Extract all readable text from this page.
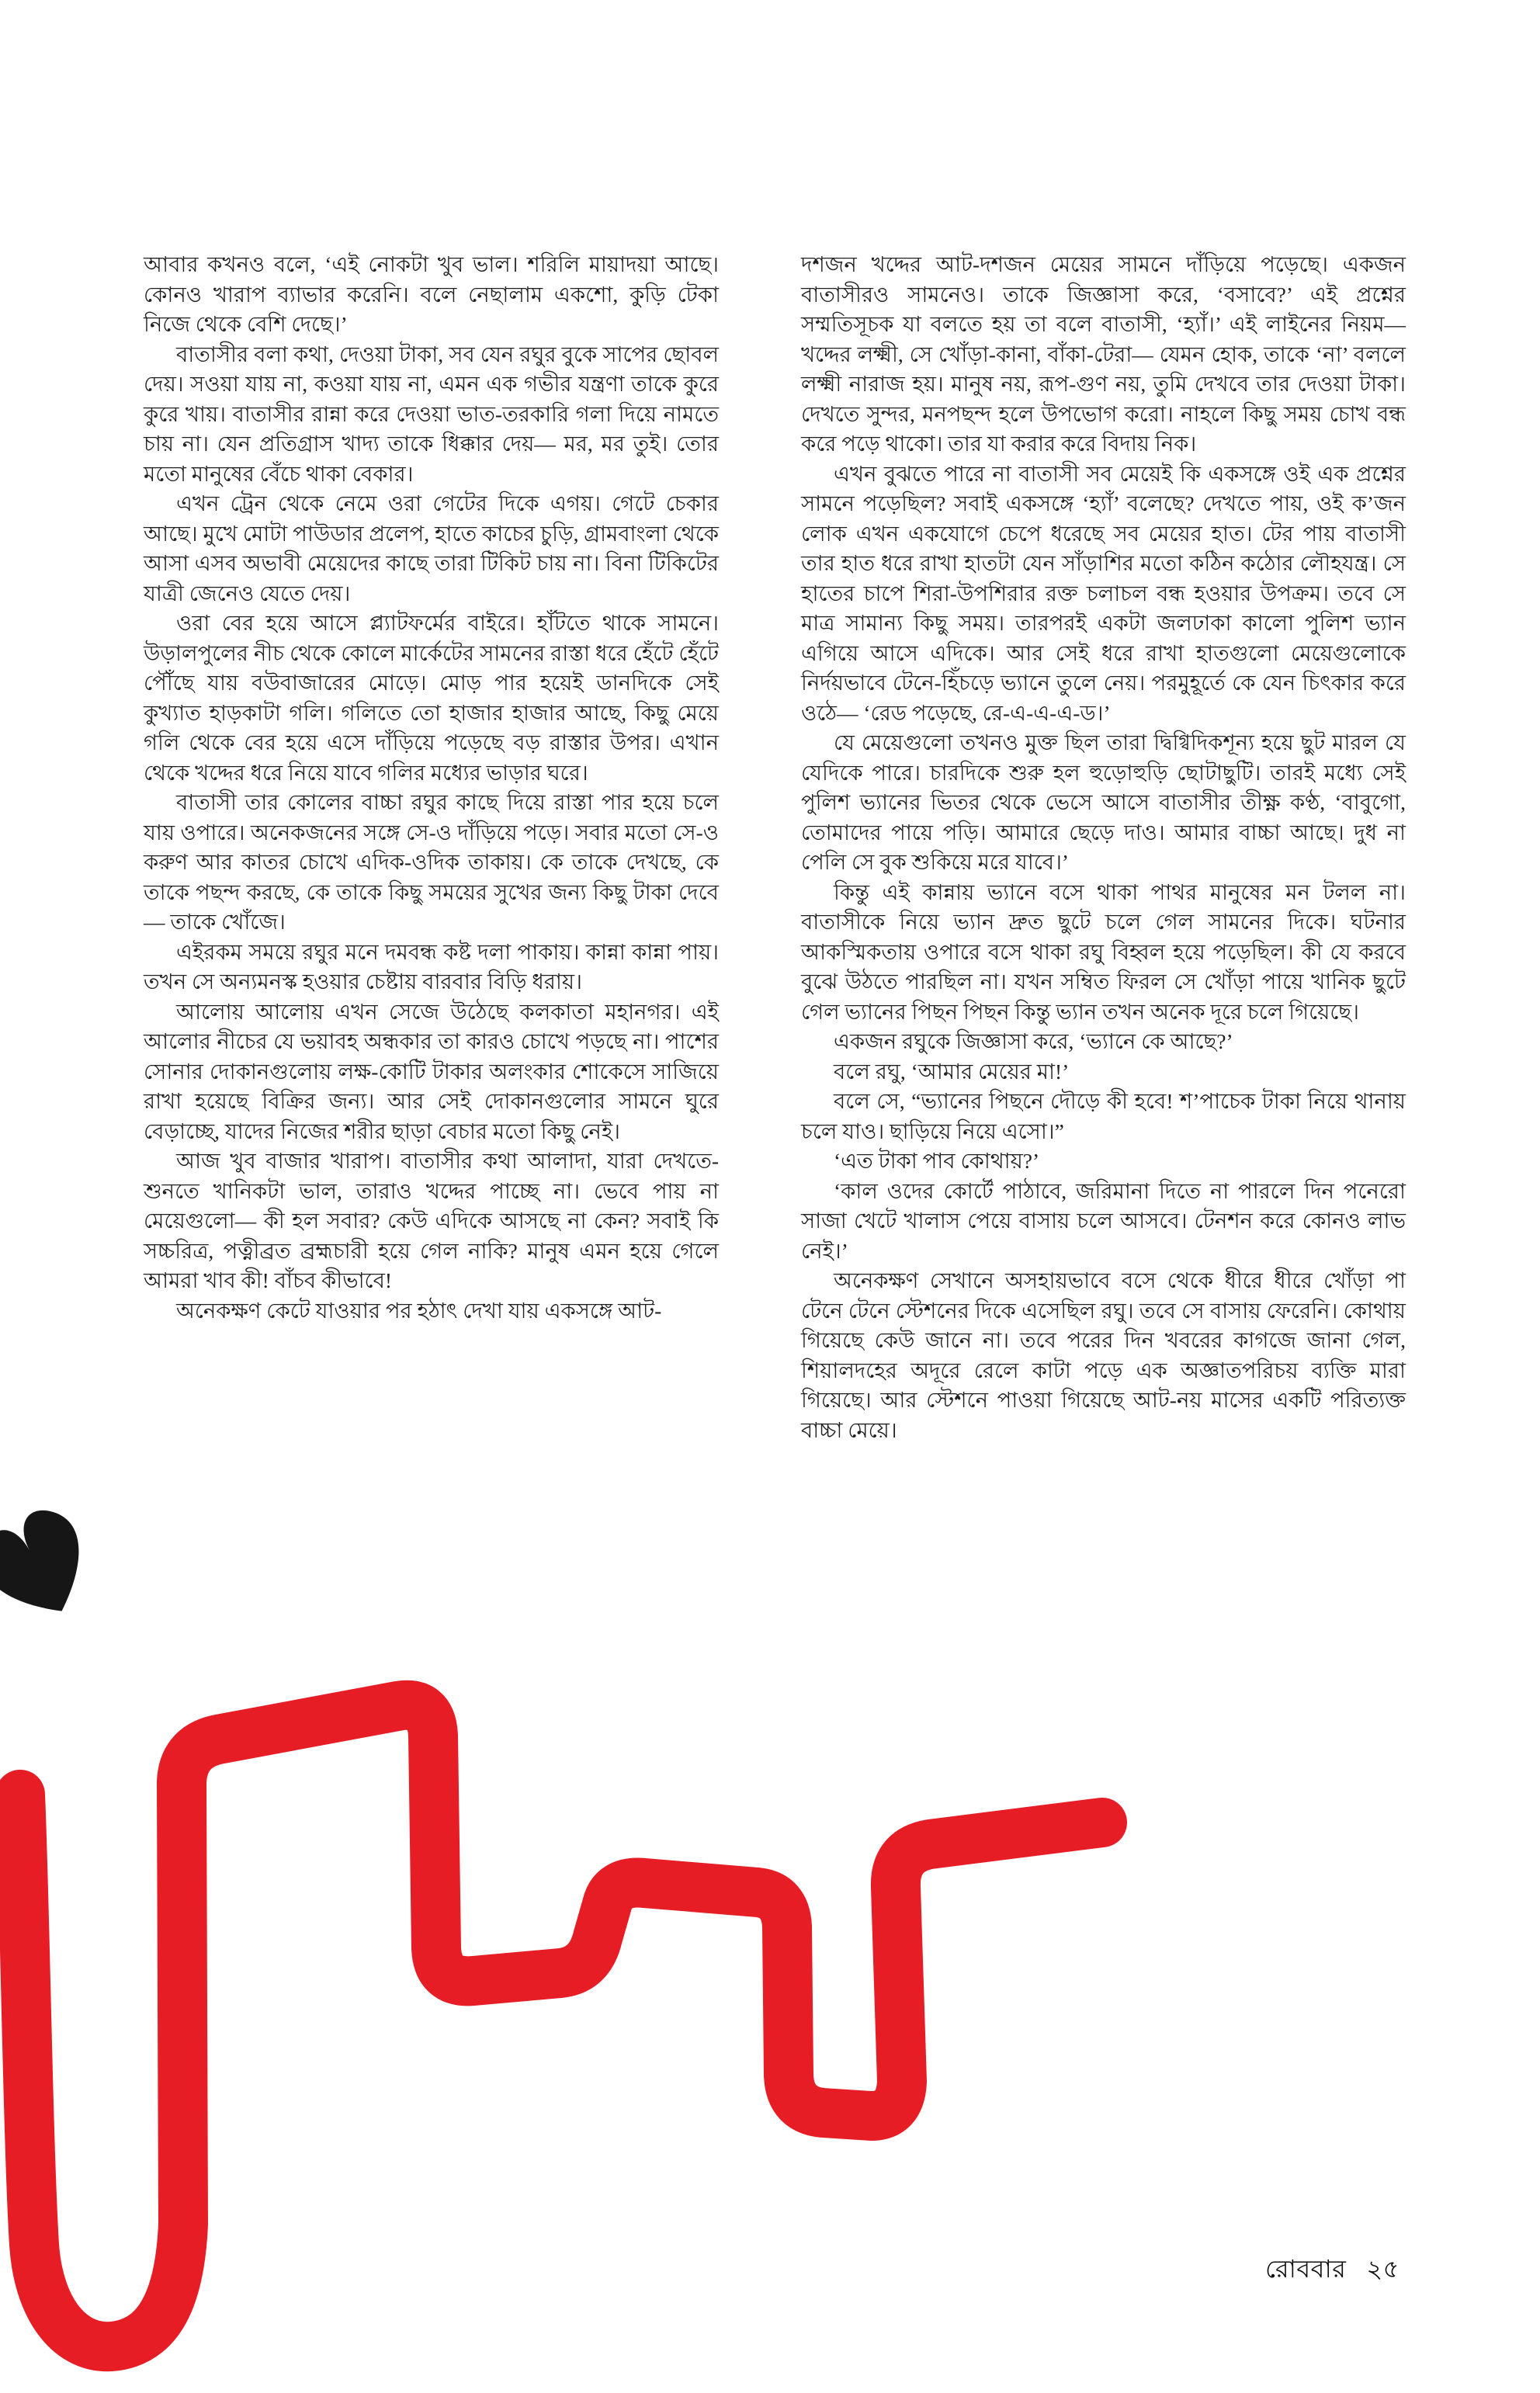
আবার কখনও বলে, ‘এই নোকটা খুব ভাল। শরিলি মায়াদয়া আছে। কোনও খারাপ ব্যাভার করেনি। বলে নেছালাম একশো, কুড়ি টেকা নিজে থেকে বেশি দেছে।’

বাতাসীর বলা কথা, দেওয়া টাকা, সব যেন রঘুর বুকে সাপের ছোবল দেয়। সওয়া যায় না, কওয়া যায় না, এমন এক গভীর যন্ত্রণা তাকে কুরে কুরে খায়। বাতাসীর রান্না করে দেওয়া ভাত-তরকারি গলা দিয়ে নামতে চায় না। যেন প্রতিগ্রাস খাদ্য তাকে ধিক্কার দেয়— মর, মর তুই। তোর মতো মানুষের বেঁচে থাকা বেকার।

এখন ট্রেন থেকে নেমে ওরা গেটের দিকে এগয়। গেটে চেকার আছে। মুখে মোটা পাউডার প্রলেপ, হাতে কাচের চুড়ি, গ্রামবাংলা থেকে আসা এসব অভাবী মেয়েদের কাছে তারা টিকিট চায় না। বিনা টিকিটের যাত্রী জেনেও যেতে দেয়।

ওরা বের হয়ে আসে প্ল্যাটফর্মের বাইরে। হাঁটতে থাকে সামনে। উড়ালপুলের নীচ থেকে কোলে মার্কেটের সামনের রাস্তা ধরে হেঁটে হেঁটে পৌঁছে যায় বউবাজারের মোড়ে। মোড় পার হয়েই ডানদিকে সেই কুখ্যাত হাড়কাটা গলি। গলিতে তো হাজার হাজার আছে, কিছু মেয়ে গলি থেকে বের হয়ে এসে দাঁড়িয়ে পড়েছে বড় রাস্তার উপর। এখান থেকে খদ্দের ধরে নিয়ে যাবে গলির মধ্যের ভাড়ার ঘরে।

বাতাসী তার কোলের বাচ্চা রঘুর কাছে দিয়ে রাস্তা পার হয়ে চলে যায় ওপারে। অনেকজনের সঙ্গে সে-ও দাঁড়িয়ে পড়ে। সবার মতো সে-ও করুণ আর কাতর চোখে এদিক-ওদিক তাকায়। কে তাকে দেখছে, কে তাকে পছন্দ করছে, কে তাকে কিছু সময়ের সুখের জন্য কিছু টাকা দেবে— তাকে খোঁজে।

এইরকম সময়ে রঘুর মনে দমবন্ধ কষ্ট দলা পাকায়। কান্না কান্না পায়। তখন সে অন্যমনস্ক হওয়ার চেষ্টায় বারবার বিড়ি ধরায়।

আলোয় আলোয় এখন সেজে উঠেছে কলকাতা মহানগর। এই আলোর নীচের যে ভয়াবহ অন্ধকার তা কারও চোখে পড়ছে না। পাশের সোনার দোকানগুলোয় লক্ষ-কোটি টাকার অলংকার শোকেসে সাজিয়ে রাখা হয়েছে বিক্রির জন্য। আর সেই দোকানগুলোর সামনে ঘুরে বেড়াচ্ছে, যাদের নিজের শরীর ছাড়া বেচার মতো কিছু নেই।

আজ খুব বাজার খারাপ। বাতাসীর কথা আলাদা, যারা দেখতে-শুনতে খানিকটা ভাল, তারাও খদ্দের পাচ্ছে না। ভেবে পায় না মেয়েগুলো— কী হল সবার? কেউ এদিকে আসছে না কেন? সবাই কি সচ্চরিত্র, পত্নীব্রত ব্রহ্মচারী হয়ে গেল নাকি? মানুষ এমন হয়ে গেলে আমরা খাব কী! বাঁচব কীভাবে!

অনেকক্ষণ কেটে যাওয়ার পর হঠাৎ দেখা যায় একসঙ্গে আট-

দশজন খদ্দের আট-দশজন মেয়ের সামনে দাঁড়িয়ে পড়েছে। একজন বাতাসীরও সামনেও। তাকে জিজ্ঞাসা করে, ‘বসাবে?’ এই প্রশ্নের সম্মতিসূচক যা বলতে হয় তা বলে বাতাসী, ‘হ্যাঁ।’ এই লাইনের নিয়ম— খদ্দের লক্ষ্মী, সে খোঁড়া-কানা, বাঁকা-টেরা— যেমন হোক, তাকে ‘না’ বললে লক্ষ্মী নারাজ হয়। মানুষ নয়, রূপ-গুণ নয়, তুমি দেখবে তার দেওয়া টাকা। দেখতে সুন্দর, মনপছন্দ হলে উপভোগ করো। নাহলে কিছু সময় চোখ বন্ধ করে পড়ে থাকো। তার যা করার করে বিদায় নিক।

এখন বুঝতে পারে না বাতাসী সব মেয়েই কি একসঙ্গে ওই এক প্রশ্নের সামনে পড়েছিল? সবাই একসঙ্গে ‘হ্যাঁ’ বলেছে? দেখতে পায়, ওই ক’জন লোক এখন একযোগে চেপে ধরেছে সব মেয়ের হাত। টের পায় বাতাসী তার হাত ধরে রাখা হাতটা যেন সাঁড়াশির মতো কঠিন কঠোর লৌহযন্ত্র। সে হাতের চাপে শিরা-উপশিরার রক্ত চলাচল বন্ধ হওয়ার উপক্রম। তবে সে মাত্র সামান্য কিছু সময়। তারপরই একটা জলঢাকা কালো পুলিশ ভ্যান এগিয়ে আসে এদিকে। আর সেই ধরে রাখা হাতগুলো মেয়েগুলোকে নির্দয়ভাবে টেনে-হিঁচড়ে ভ্যানে তুলে নেয়। পরমুহূর্তে কে যেন চিৎকার করে ওঠে— ‘রেড পড়েছে, রে-এ-এ-এ-ড।’

যে মেয়েগুলো তখনও মুক্ত ছিল তারা দ্বিগ্বিদিকশূন্য হয়ে ছুট মারল যে যেদিকে পারে। চারদিকে শুরু হল হুড়োহুড়ি ছোটাছুটি। তারই মধ্যে সেই পুলিশ ভ্যানের ভিতর থেকে ভেসে আসে বাতাসীর তীক্ষ্ণ কণ্ঠ, ‘বাবুগো, তোমাদের পায়ে পড়ি। আমারে ছেড়ে দাও। আমার বাচ্চা আছে। দুধ না পেলি সে বুক শুকিয়ে মরে যাবে।’

কিন্তু এই কান্নায় ভ্যানে বসে থাকা পাথর মানুষের মন টলল না। বাতাসীকে নিয়ে ভ্যান দ্রুত ছুটে চলে গেল সামনের দিকে। ঘটনার আকস্মিকতায় ওপারে বসে থাকা রঘু বিহ্বল হয়ে পড়েছিল। কী যে করবে বুঝে উঠতে পারছিল না। যখন সম্বিত ফিরল সে খোঁড়া পায়ে খানিক ছুটে গেল ভ্যানের পিছন পিছন কিন্তু ভ্যান তখন অনেক দূরে চলে গিয়েছে।

একজন রঘুকে জিজ্ঞাসা করে, ‘ভ্যানে কে আছে?’

বলে রঘু, ‘আমার মেয়ের মা!’

বলে সে, “ভ্যানের পিছনে দৌড়ে কী হবে! শ’পাচেক টাকা নিয়ে থানায় চলে যাও। ছাড়িয়ে নিয়ে এসো।”

‘এত টাকা পাব কোথায়?’

‘কাল ওদের কোর্টে পাঠাবে, জরিমানা দিতে না পারলে দিন পনেরো সাজা খেটে খালাস পেয়ে বাসায় চলে আসবে। টেনশন করে কোনও লাভ নেই।’

অনেকক্ষণ সেখানে অসহায়ভাবে বসে থেকে ধীরে ধীরে খোঁড়া পা টেনে টেনে স্টেশনের দিকে এসেছিল রঘু। তবে সে বাসায় ফেরেনি। কোথায় গিয়েছে কেউ জানে না। তবে পরের দিন খবরের কাগজে জানা গেল, শিয়ালদহের অদূরে রেলে কাটা পড়ে এক অজ্ঞাতপরিচয় ব্যক্তি মারা গিয়েছে। আর স্টেশনে পাওয়া গিয়েছে আট-নয় মাসের একটি পরিত্যক্ত বাচ্চা মেয়ে।

রোববার ২৫
